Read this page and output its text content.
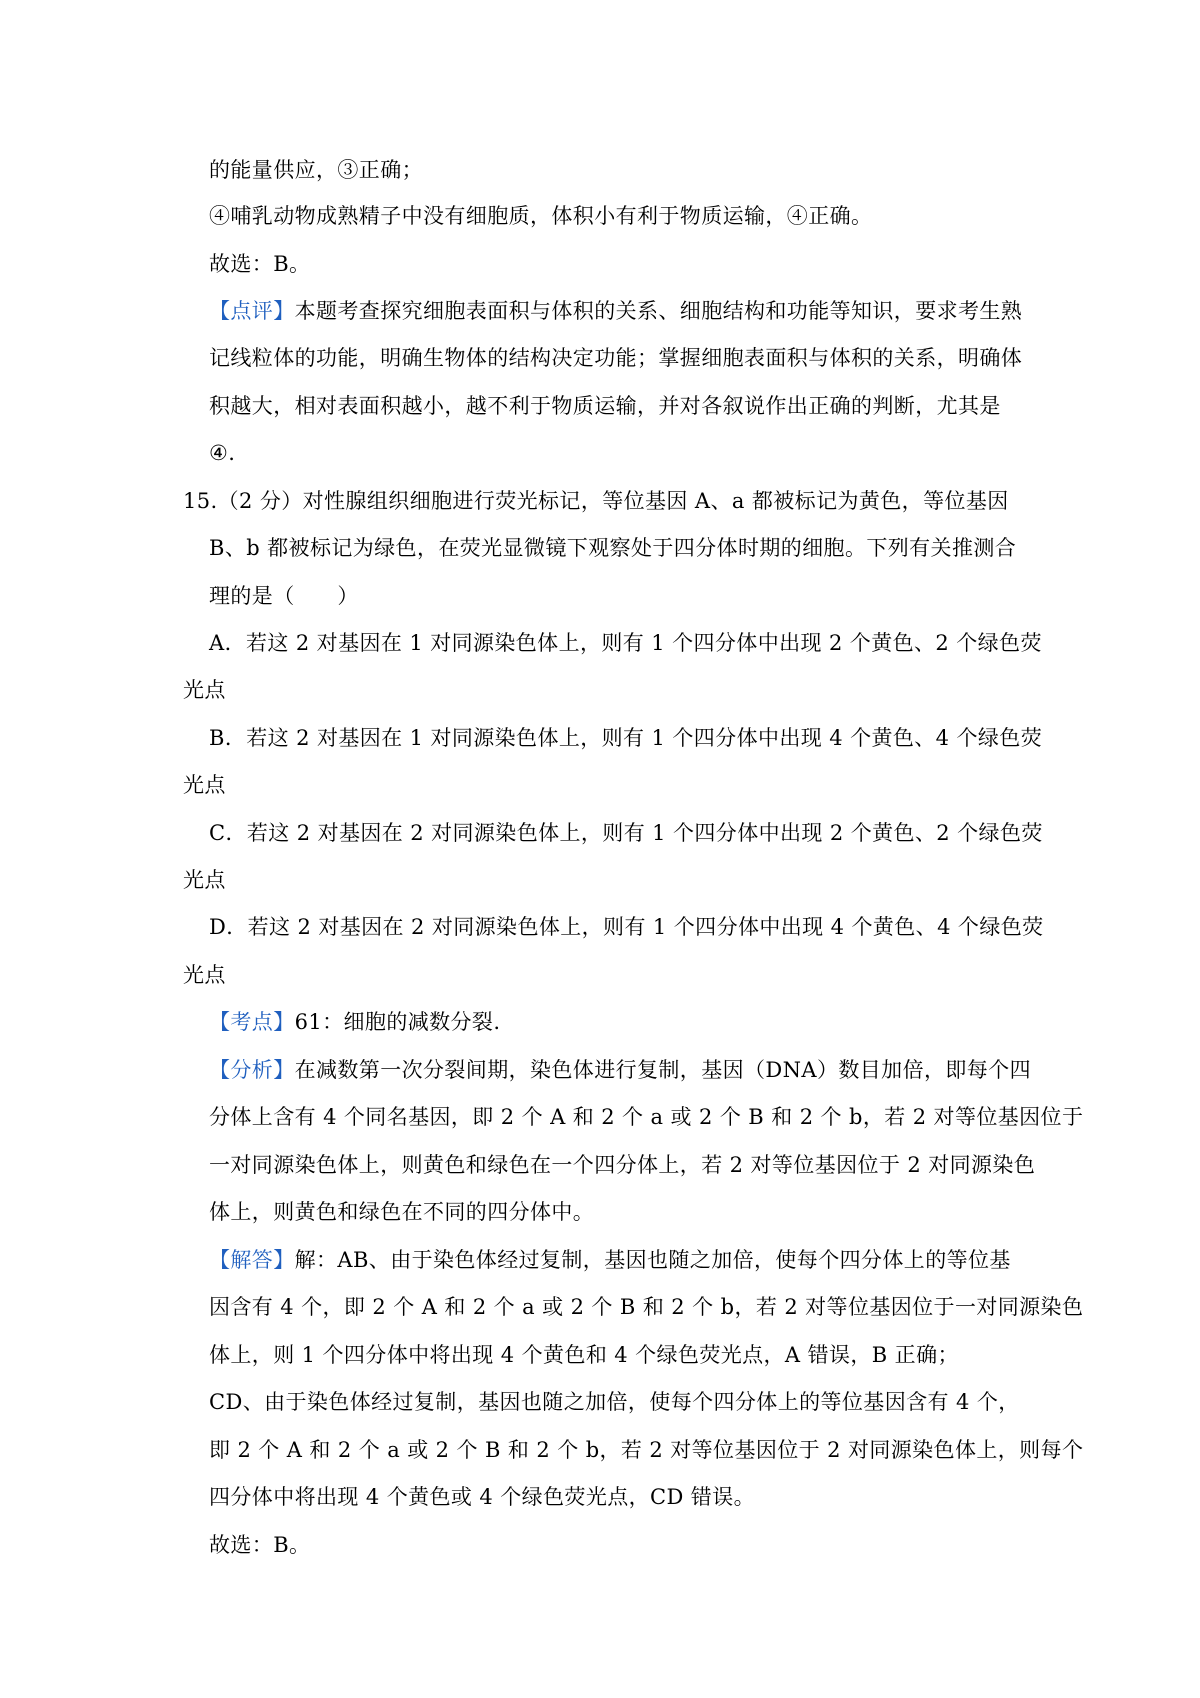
的能量供应，③正确；
④哺乳动物成熟精子中没有细胞质，体积小有利于物质运输，④正确。
故选：B。
【点评】本题考查探究细胞表面积与体积的关系、细胞结构和功能等知识，要求考生熟
记线粒体的功能，明确生物体的结构决定功能；掌握细胞表面积与体积的关系，明确体
积越大，相对表面积越小，越不利于物质运输，并对各叙说作出正确的判断，尤其是
④.
15.（2 分）对性腺组织细胞进行荧光标记，等位基因 A、a 都被标记为黄色，等位基因
B、b 都被标记为绿色，在荧光显微镜下观察处于四分体时期的细胞。下列有关推测合
理的是（　　）
A．若这 2 对基因在 1 对同源染色体上，则有 1 个四分体中出现 2 个黄色、2 个绿色荧
光点
B．若这 2 对基因在 1 对同源染色体上，则有 1 个四分体中出现 4 个黄色、4 个绿色荧
光点
C．若这 2 对基因在 2 对同源染色体上，则有 1 个四分体中出现 2 个黄色、2 个绿色荧
光点
D．若这 2 对基因在 2 对同源染色体上，则有 1 个四分体中出现 4 个黄色、4 个绿色荧
光点
【考点】61：细胞的减数分裂.
【分析】在减数第一次分裂间期，染色体进行复制，基因（DNA）数目加倍，即每个四
分体上含有 4 个同名基因，即 2 个 A 和 2 个 a 或 2 个 B 和 2 个 b，若 2 对等位基因位于
一对同源染色体上，则黄色和绿色在一个四分体上，若 2 对等位基因位于 2 对同源染色
体上，则黄色和绿色在不同的四分体中。
【解答】解：AB、由于染色体经过复制，基因也随之加倍，使每个四分体上的等位基
因含有 4 个，即 2 个 A 和 2 个 a 或 2 个 B 和 2 个 b，若 2 对等位基因位于一对同源染色
体上，则 1 个四分体中将出现 4 个黄色和 4 个绿色荧光点，A 错误，B 正确；
CD、由于染色体经过复制，基因也随之加倍，使每个四分体上的等位基因含有 4 个，
即 2 个 A 和 2 个 a 或 2 个 B 和 2 个 b，若 2 对等位基因位于 2 对同源染色体上，则每个
四分体中将出现 4 个黄色或 4 个绿色荧光点，CD 错误。
故选：B。
